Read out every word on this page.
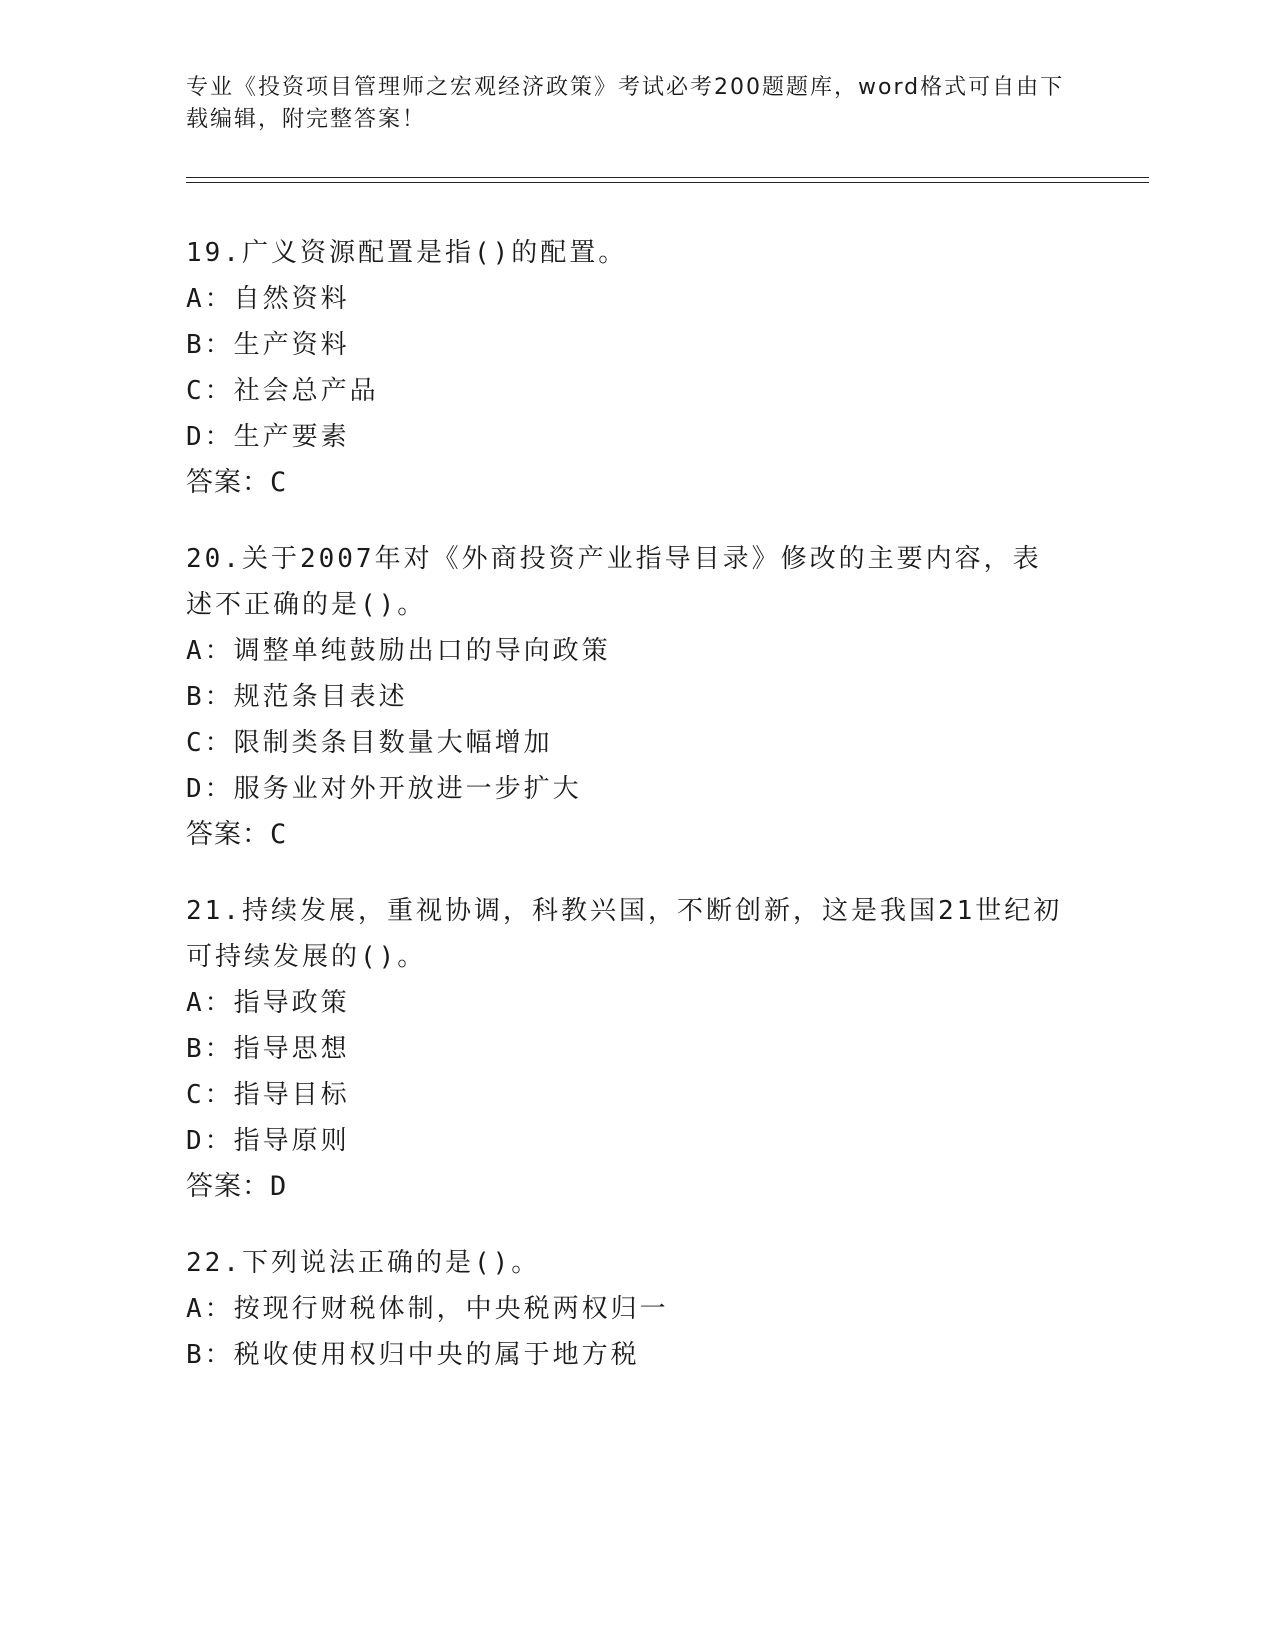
专业《投资项目管理师之宏观经济政策》考试必考200题题库，word格式可自由下载编辑，附完整答案！
19.广义资源配置是指()的配置。
A：自然资料
B：生产资料
C：社会总产品
D：生产要素
答案：C
20.关于2007年对《外商投资产业指导目录》修改的主要内容，表述不正确的是()。
A：调整单纯鼓励出口的导向政策
B：规范条目表述
C：限制类条目数量大幅增加
D：服务业对外开放进一步扩大
答案：C
21.持续发展，重视协调，科教兴国，不断创新，这是我国21世纪初可持续发展的()。
A：指导政策
B：指导思想
C：指导目标
D：指导原则
答案：D
22.下列说法正确的是()。
A：按现行财税体制，中央税两权归一
B：税收使用权归中央的属于地方税
